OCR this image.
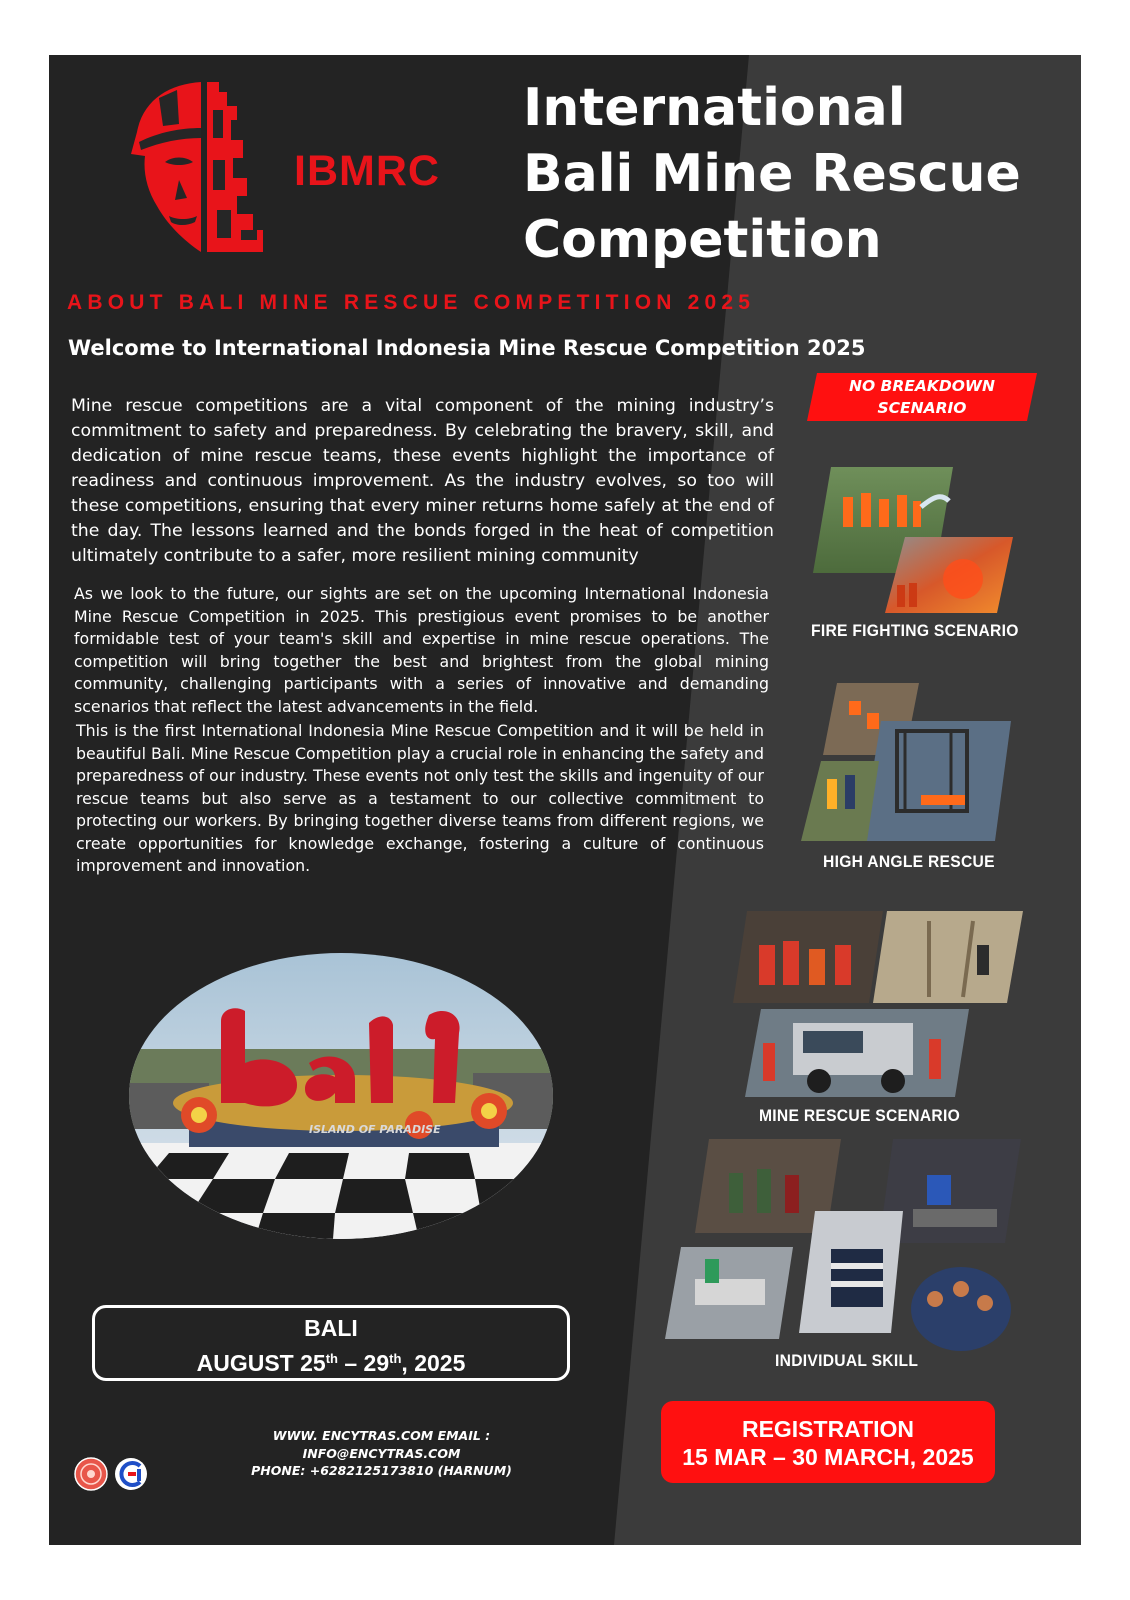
IBMRC
International
Bali Mine Rescue
Competition
ABOUT BALI MINE RESCUE COMPETITION 2025
Welcome to International Indonesia Mine Rescue Competition 2025
Mine rescue competitions are a vital component of the mining industry’s commitment to safety and preparedness. By celebrating the bravery, skill, and dedication of mine rescue teams, these events highlight the importance of readiness and continuous improvement. As the industry evolves, so too will these competitions, ensuring that every miner returns home safely at the end of the day. The lessons learned and the bonds forged in the heat of competition ultimately contribute to a safer, more resilient mining community
As we look to the future, our sights are set on the upcoming International Indonesia Mine Rescue Competition in 2025. This prestigious event promises to be another formidable test of your team's skill and expertise in mine rescue operations. The competition will bring together the best and brightest from the global mining community, challenging participants with a series of innovative and demanding scenarios that reflect the latest advancements in the field.
This is the first International Indonesia Mine Rescue Competition and it will be held in beautiful Bali. Mine Rescue Competition play a crucial role in enhancing the safety and preparedness of our industry. These events not only test the skills and ingenuity of our rescue teams but also serve as a testament to our collective commitment to protecting our workers. By bringing together diverse teams from different regions, we create opportunities for knowledge exchange, fostering a culture of continuous improvement and innovation.
NO BREAKDOWN
SCENARIO
FIRE FIGHTING SCENARIO
HIGH ANGLE RESCUE
MINE RESCUE SCENARIO
INDIVIDUAL SKILL
ISLAND OF PARADISE
BALI
AUGUST 25th – 29th, 2025
WWW. ENCYTRAS.COM EMAIL :
INFO@ENCYTRAS.COM
PHONE: +6282125173810 (HARNUM)
REGISTRATION
15 MAR – 30 MARCH, 2025
